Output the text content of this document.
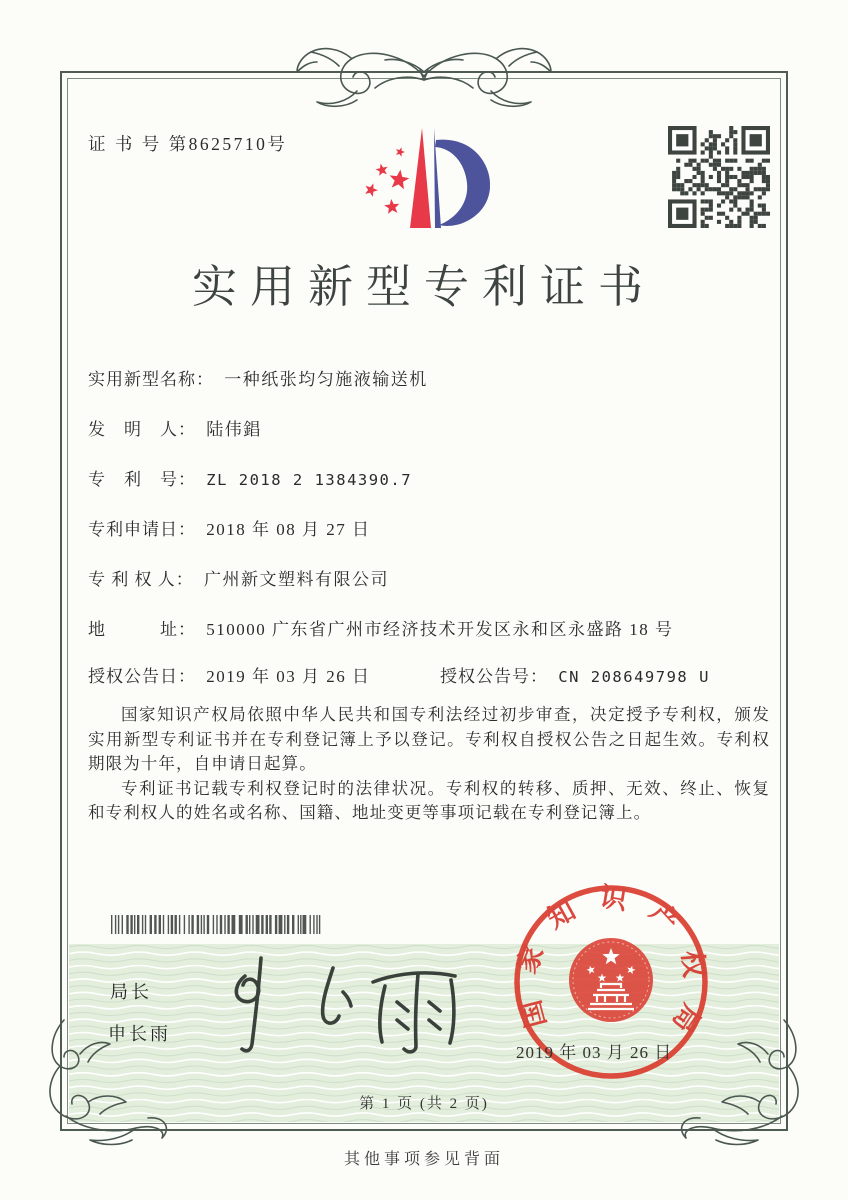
证 书 号 第8625710号
实用新型专利证书
实用新型名称： 一种纸张均匀施液输送机
发　明　人： 陆伟錩
专　利　号： ZL 2018 2 1384390.7
专利申请日： 2018 年 08 月 27 日
专 利 权 人： 广州新文塑料有限公司
地　　　址： 510000 广东省广州市经济技术开发区永和区永盛路 18 号
授权公告日： 2019 年 03 月 26 日	授权公告号： CN 208649798 U

国家知识产权局依照中华人民共和国专利法经过初步审查，决定授予专利权，颁发实用新型专利证书并在专利登记簿上予以登记。专利权自授权公告之日起生效。专利权期限为十年，自申请日起算。

专利证书记载专利权登记时的法律状况。专利权的转移、质押、无效、终止、恢复和专利权人的姓名或名称、国籍、地址变更等事项记载在专利登记簿上。

局长
申长雨
国家知识产权局
2019 年 03 月 26 日
第 1 页 (共 2 页)
其他事项参见背面
